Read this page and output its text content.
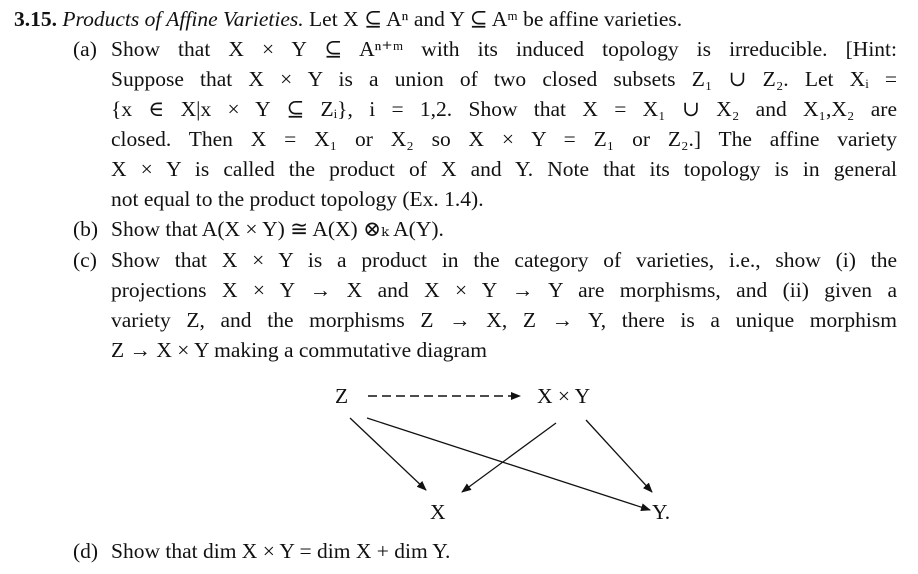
3.15. Products of Affine Varieties. Let X ⊆ Aⁿ and Y ⊆ Aᵐ be affine varieties.
(a) Show that X × Y ⊆ Aⁿ⁺ᵐ with its induced topology is irreducible. [Hint:
Suppose that X × Y is a union of two closed subsets Z₁ ∪ Z₂. Let Xᵢ =
{x ∈ X|x × Y ⊆ Zᵢ}, i = 1,2. Show that X = X₁ ∪ X₂ and X₁,X₂ are
closed. Then X = X₁ or X₂ so X × Y = Z₁ or Z₂.] The affine variety
X × Y is called the product of X and Y. Note that its topology is in general
not equal to the product topology (Ex. 1.4).
(b) Show that A(X × Y) ≅ A(X) ⊗ₖ A(Y).
(c) Show that X × Y is a product in the category of varieties, i.e., show (i) the
projections X × Y → X and X × Y → Y are morphisms, and (ii) given a
variety Z, and the morphisms Z → X, Z → Y, there is a unique morphism
Z → X × Y making a commutative diagram
Z	X × Y
X	Y.
(d) Show that dim X × Y = dim X + dim Y.
